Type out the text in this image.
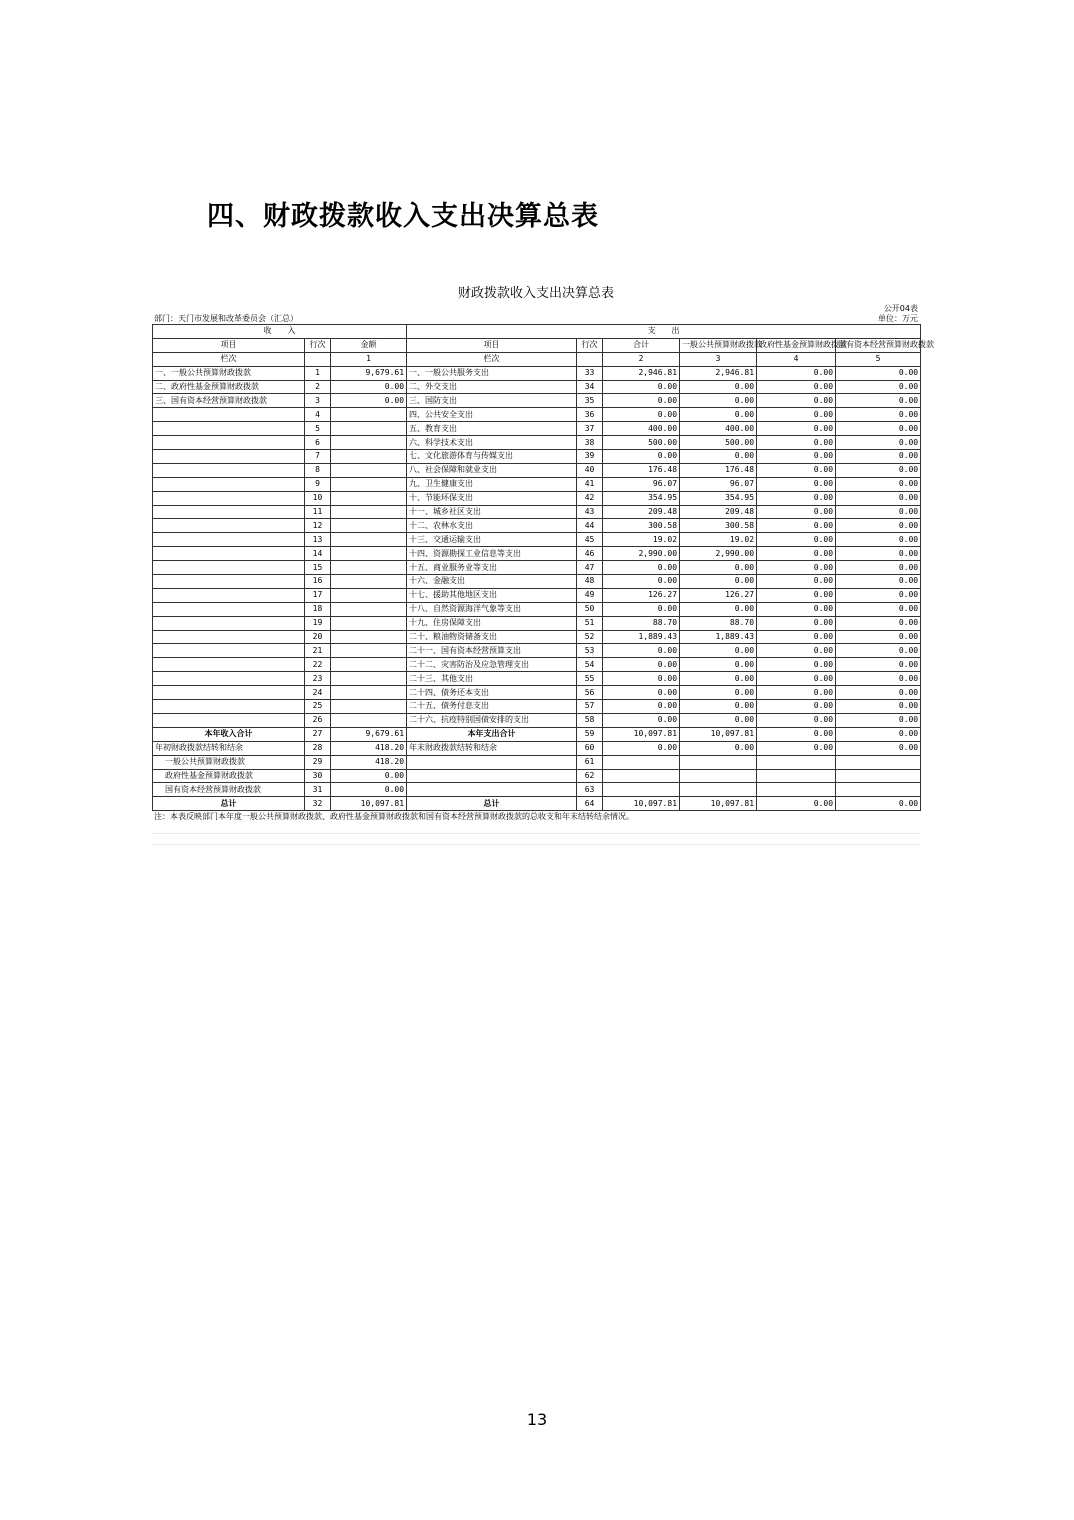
四、财政拨款收入支出决算总表
财政拨款收入支出决算总表
公开04表
部门：天门市发展和改革委员会（汇总）	单位：万元
收　　入			支　　出					
项目	行次	金额	项目	行次	合计	一般公共预算财政拨款	政府性基金预算财政拨款	国有资本经营预算财政拨款
栏次		1	栏次		2	3	4	5
一、一般公共预算财政拨款	1	9,679.61	一、一般公共服务支出	33	2,946.81	2,946.81	0.00	0.00
二、政府性基金预算财政拨款	2	0.00	二、外交支出	34	0.00	0.00	0.00	0.00
三、国有资本经营预算财政拨款	3	0.00	三、国防支出	35	0.00	0.00	0.00	0.00
	4		四、公共安全支出	36	0.00	0.00	0.00	0.00
	5		五、教育支出	37	400.00	400.00	0.00	0.00
	6		六、科学技术支出	38	500.00	500.00	0.00	0.00
	7		七、文化旅游体育与传媒支出	39	0.00	0.00	0.00	0.00
	8		八、社会保障和就业支出	40	176.48	176.48	0.00	0.00
	9		九、卫生健康支出	41	96.07	96.07	0.00	0.00
	10		十、节能环保支出	42	354.95	354.95	0.00	0.00
	11		十一、城乡社区支出	43	209.48	209.48	0.00	0.00
	12		十二、农林水支出	44	300.58	300.58	0.00	0.00
	13		十三、交通运输支出	45	19.02	19.02	0.00	0.00
	14		十四、资源勘探工业信息等支出	46	2,990.00	2,990.00	0.00	0.00
	15		十五、商业服务业等支出	47	0.00	0.00	0.00	0.00
	16		十六、金融支出	48	0.00	0.00	0.00	0.00
	17		十七、援助其他地区支出	49	126.27	126.27	0.00	0.00
	18		十八、自然资源海洋气象等支出	50	0.00	0.00	0.00	0.00
	19		十九、住房保障支出	51	88.70	88.70	0.00	0.00
	20		二十、粮油物资储备支出	52	1,889.43	1,889.43	0.00	0.00
	21		二十一、国有资本经营预算支出	53	0.00	0.00	0.00	0.00
	22		二十二、灾害防治及应急管理支出	54	0.00	0.00	0.00	0.00
	23		二十三、其他支出	55	0.00	0.00	0.00	0.00
	24		二十四、债务还本支出	56	0.00	0.00	0.00	0.00
	25		二十五、债务付息支出	57	0.00	0.00	0.00	0.00
	26		二十六、抗疫特别国债安排的支出	58	0.00	0.00	0.00	0.00
本年收入合计	27	9,679.61	本年支出合计	59	10,097.81	10,097.81	0.00	0.00
年初财政拨款结转和结余	28	418.20	年末财政拨款结转和结余	60	0.00	0.00	0.00	0.00
一般公共预算财政拨款	29	418.20		61				
政府性基金预算财政拨款	30	0.00		62				
国有资本经营预算财政拨款	31	0.00		63				
总计	32	10,097.81	总计	64	10,097.81	10,097.81	0.00	0.00
注：本表反映部门本年度一般公共预算财政拨款、政府性基金预算财政拨款和国有资本经营预算财政拨款的总收支和年末结转结余情况。
13
